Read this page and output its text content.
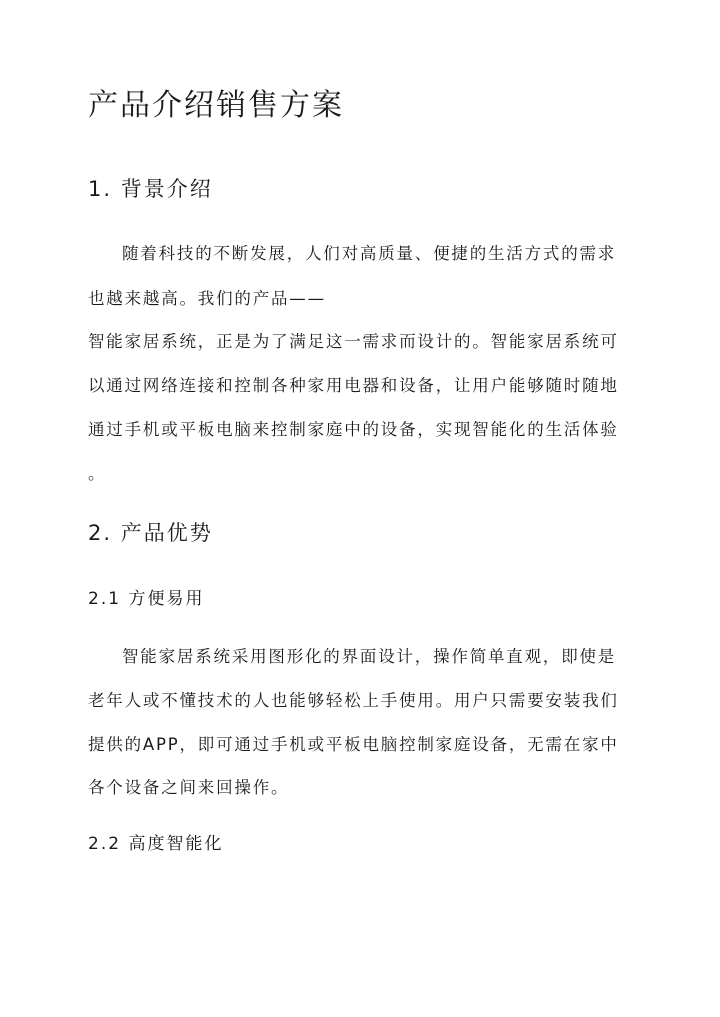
产品介绍销售方案
1. 背景介绍

随着科技的不断发展，人们对高质量、便捷的生活方式的需求

也越来越高。我们的产品——

智能家居系统，正是为了满足这一需求而设计的。智能家居系统可

以通过网络连接和控制各种家用电器和设备，让用户能够随时随地

通过手机或平板电脑来控制家庭中的设备，实现智能化的生活体验

。

2. 产品优势
2.1 方便易用

智能家居系统采用图形化的界面设计，操作简单直观，即使是

老年人或不懂技术的人也能够轻松上手使用。用户只需要安装我们

提供的APP，即可通过手机或平板电脑控制家庭设备，无需在家中

各个设备之间来回操作。

2.2 高度智能化
